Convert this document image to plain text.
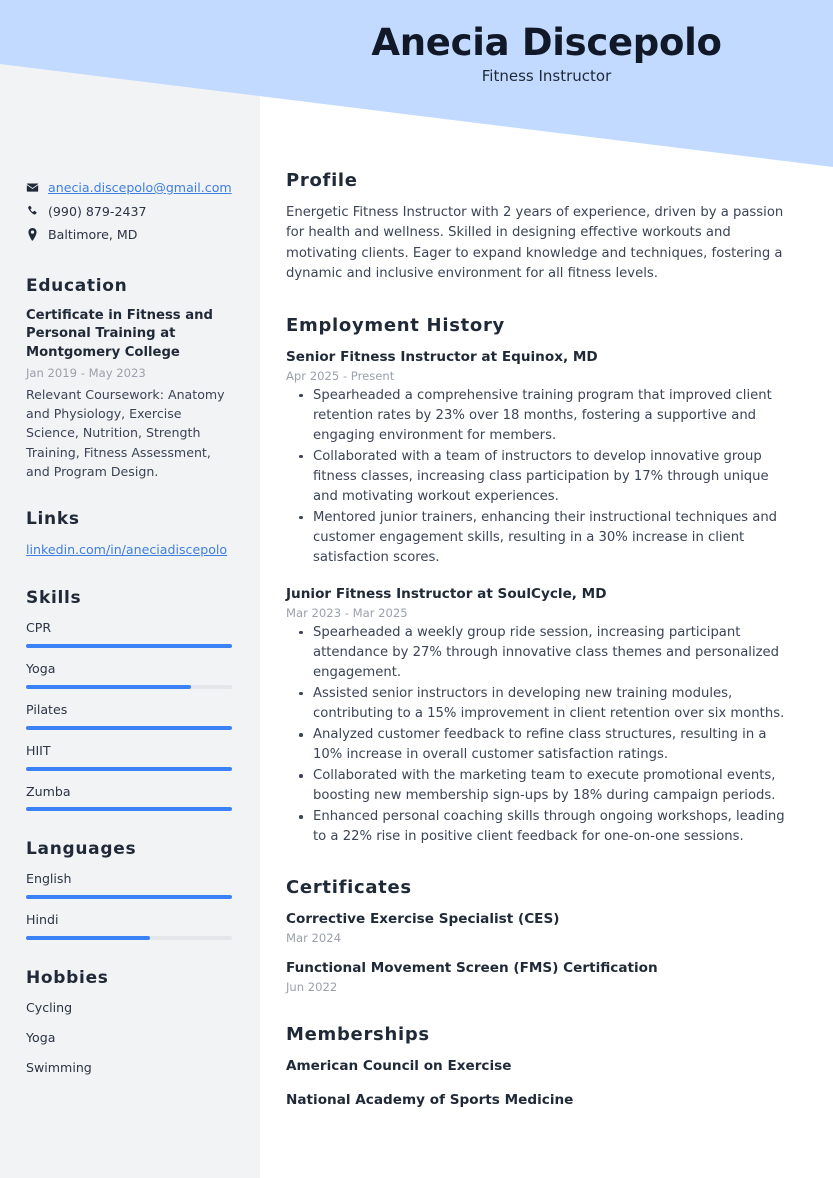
Anecia Discepolo
Fitness Instructor
anecia.discepolo@gmail.com
(990) 879-2437
Baltimore, MD
Education
Certificate in Fitness and Personal Training at Montgomery College
Jan 2019 - May 2023
Relevant Coursework: Anatomy and Physiology, Exercise Science, Nutrition, Strength Training, Fitness Assessment, and Program Design.
Links
linkedin.com/in/aneciadiscepolo
Skills
CPR
Yoga
Pilates
HIIT
Zumba
Languages
English
Hindi
Hobbies
Cycling
Yoga
Swimming
Profile
Energetic Fitness Instructor with 2 years of experience, driven by a passion for health and wellness. Skilled in designing effective workouts and motivating clients. Eager to expand knowledge and techniques, fostering a dynamic and inclusive environment for all fitness levels.
Employment History
Senior Fitness Instructor at Equinox, MD
Apr 2025 - Present
Spearheaded a comprehensive training program that improved client retention rates by 23% over 18 months, fostering a supportive and engaging environment for members.
Collaborated with a team of instructors to develop innovative group fitness classes, increasing class participation by 17% through unique and motivating workout experiences.
Mentored junior trainers, enhancing their instructional techniques and customer engagement skills, resulting in a 30% increase in client satisfaction scores.
Junior Fitness Instructor at SoulCycle, MD
Mar 2023 - Mar 2025
Spearheaded a weekly group ride session, increasing participant attendance by 27% through innovative class themes and personalized engagement.
Assisted senior instructors in developing new training modules, contributing to a 15% improvement in client retention over six months.
Analyzed customer feedback to refine class structures, resulting in a 10% increase in overall customer satisfaction ratings.
Collaborated with the marketing team to execute promotional events, boosting new membership sign-ups by 18% during campaign periods.
Enhanced personal coaching skills through ongoing workshops, leading to a 22% rise in positive client feedback for one-on-one sessions.
Certificates
Corrective Exercise Specialist (CES)
Mar 2024
Functional Movement Screen (FMS) Certification
Jun 2022
Memberships
American Council on Exercise
National Academy of Sports Medicine
